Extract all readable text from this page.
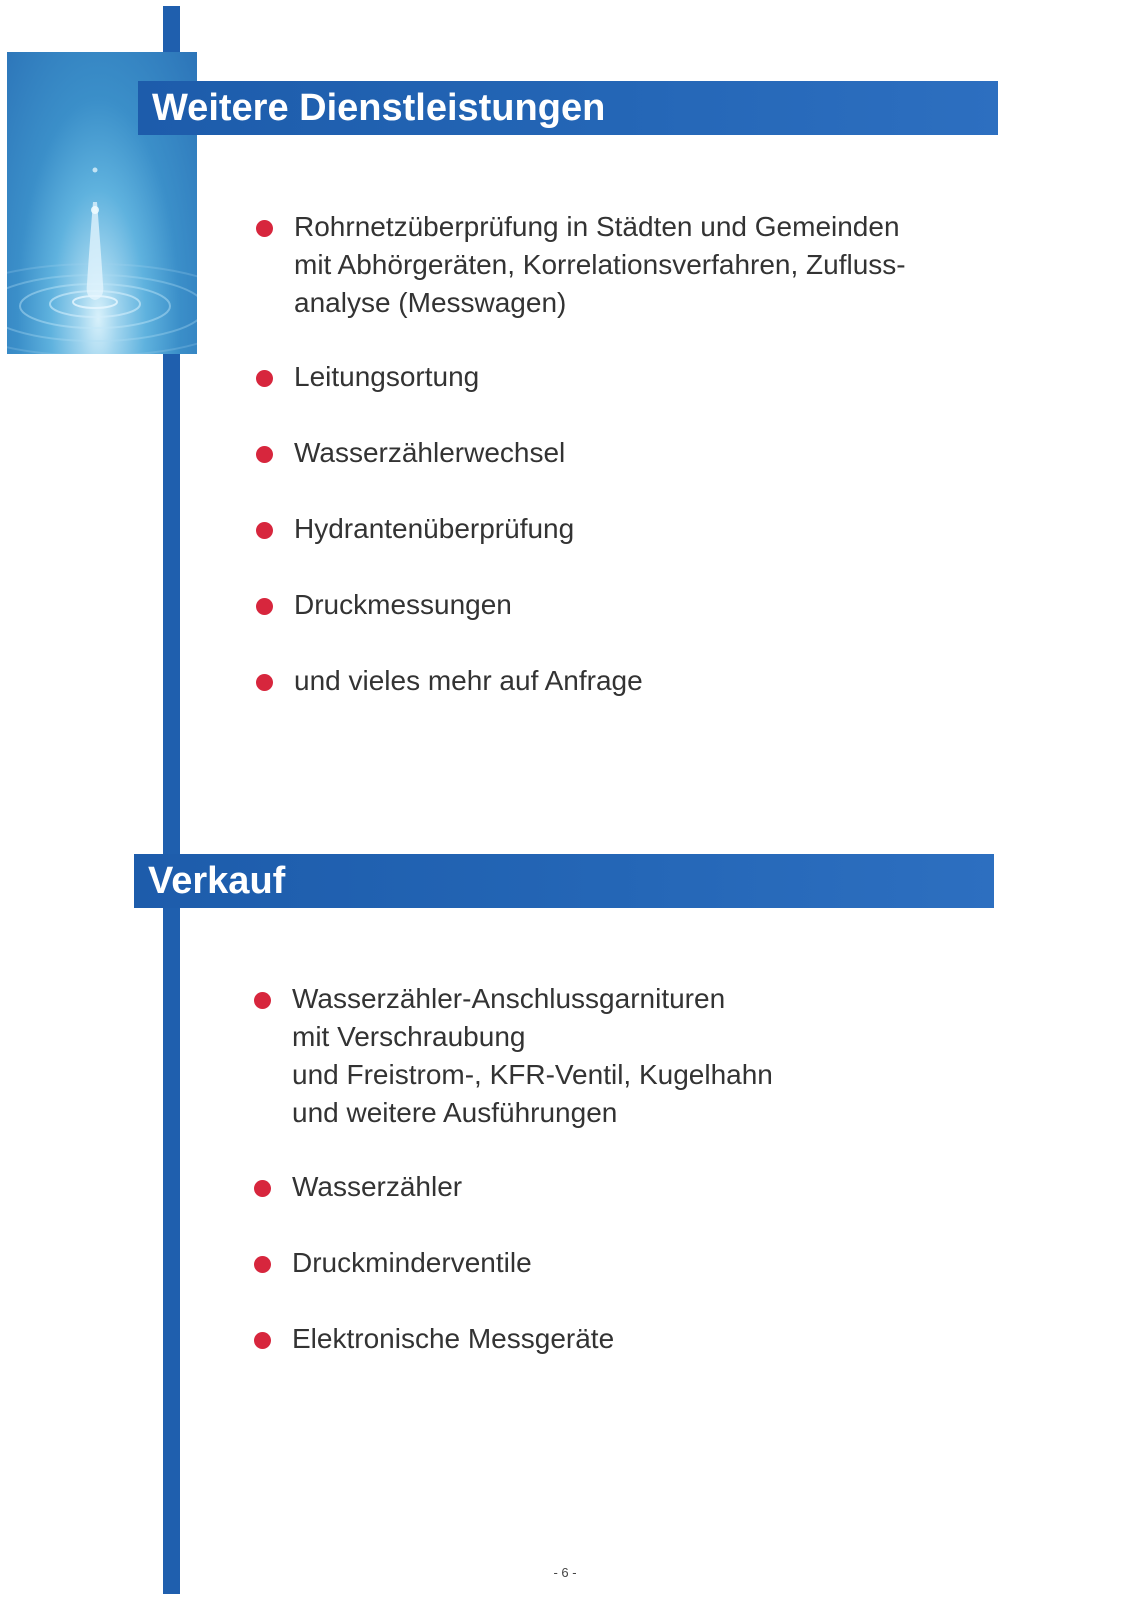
Weitere Dienstleistungen
Rohrnetzüberprüfung in Städten und Gemeinden
mit Abhörgeräten, Korrelationsverfahren, Zufluss-
analyse (Messwagen)
Leitungsortung
Wasserzählerwechsel
Hydrantenüberprüfung
Druckmessungen
und vieles mehr auf Anfrage
Verkauf
Wasserzähler-Anschlussgarnituren
mit Verschraubung
und Freistrom-, KFR-Ventil, Kugelhahn
und weitere Ausführungen
Wasserzähler
Druckminderventile
Elektronische Messgeräte
- 6 -
